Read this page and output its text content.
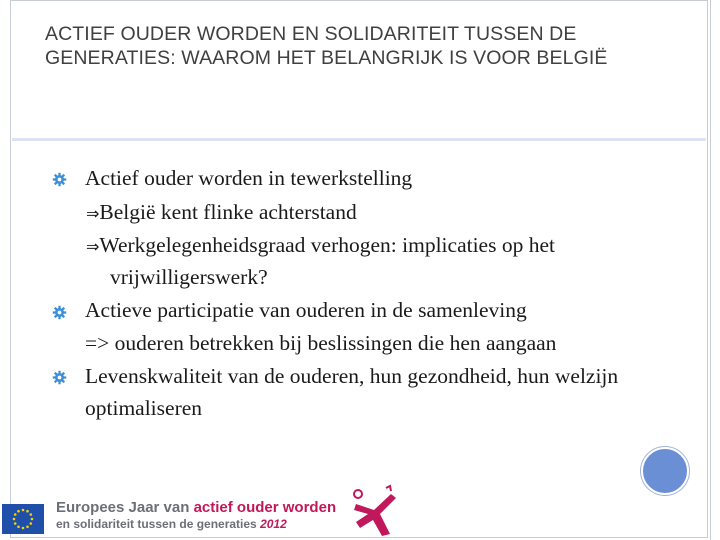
ACTIEF OUDER WORDEN EN SOLIDARITEIT TUSSEN DE GENERATIES: WAAROM HET BELANGRIJK IS VOOR BELGIË
Actief ouder worden in tewerkstelling
⇒België kent flinke achterstand
⇒Werkgelegenheidsgraad verhogen: implicaties op het
vrijwilligerswerk?
Actieve participatie van ouderen in de samenleving
=> ouderen betrekken bij beslissingen die hen aangaan
Levenskwaliteit van de ouderen, hun gezondheid, hun welzijn
optimaliseren
Europees Jaar van actief ouder worden
en solidariteit tussen de generaties 2012
